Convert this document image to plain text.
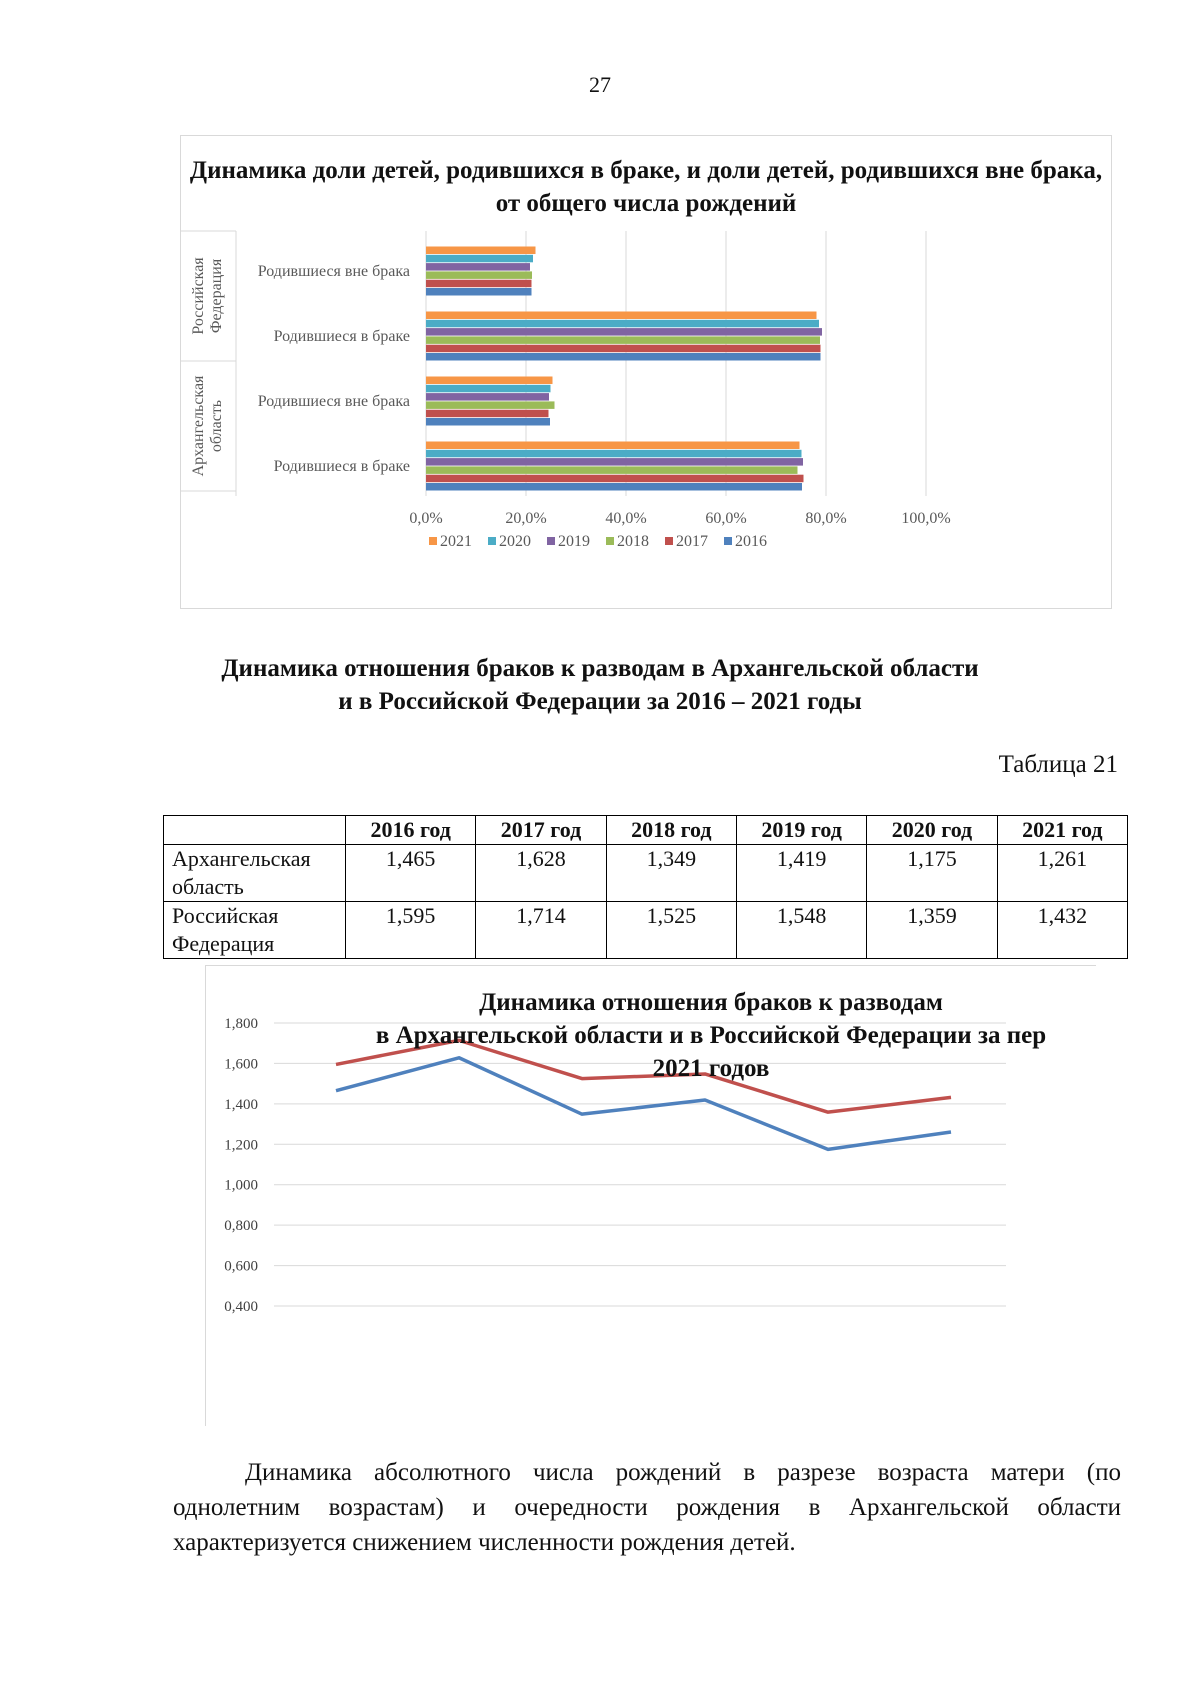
27
0,0%	20,0%	40,0%	60,0%	80,0%	100,0%
Российская Федерация Родившиеся вне брака
Родившиеся в браке
Архангельская область Родившиеся вне брака
Родившиеся в браке
2021 2020 2019 2018 2017 2016
Динамика доли детей, родившихся в браке, и доли детей, родившихся вне брака, от общего числа рождений
Динамика отношения браков к разводам в Архангельской области
и в Российской Федерации за 2016 – 2021 годы
Таблица 21
	2016 год	2017 год	2018 год	2019 год	2020 год	2021 год
Архангельская область	1,465	1,628	1,349	1,419	1,175	1,261
Российская Федерация	1,595	1,714	1,525	1,548	1,359	1,432
1,800
1,600
1,400
1,200
1,000
0,800
0,600
0,400
Динамика отношения браков к разводам
в Архангельской области и в Российской Федерации за пер
2021 годов

Динамика абсолютного числа рождений в разрезе возраста матери (по однолетним возрастам) и очередности рождения в Архангельской области характеризуется снижением численности рождения детей.
